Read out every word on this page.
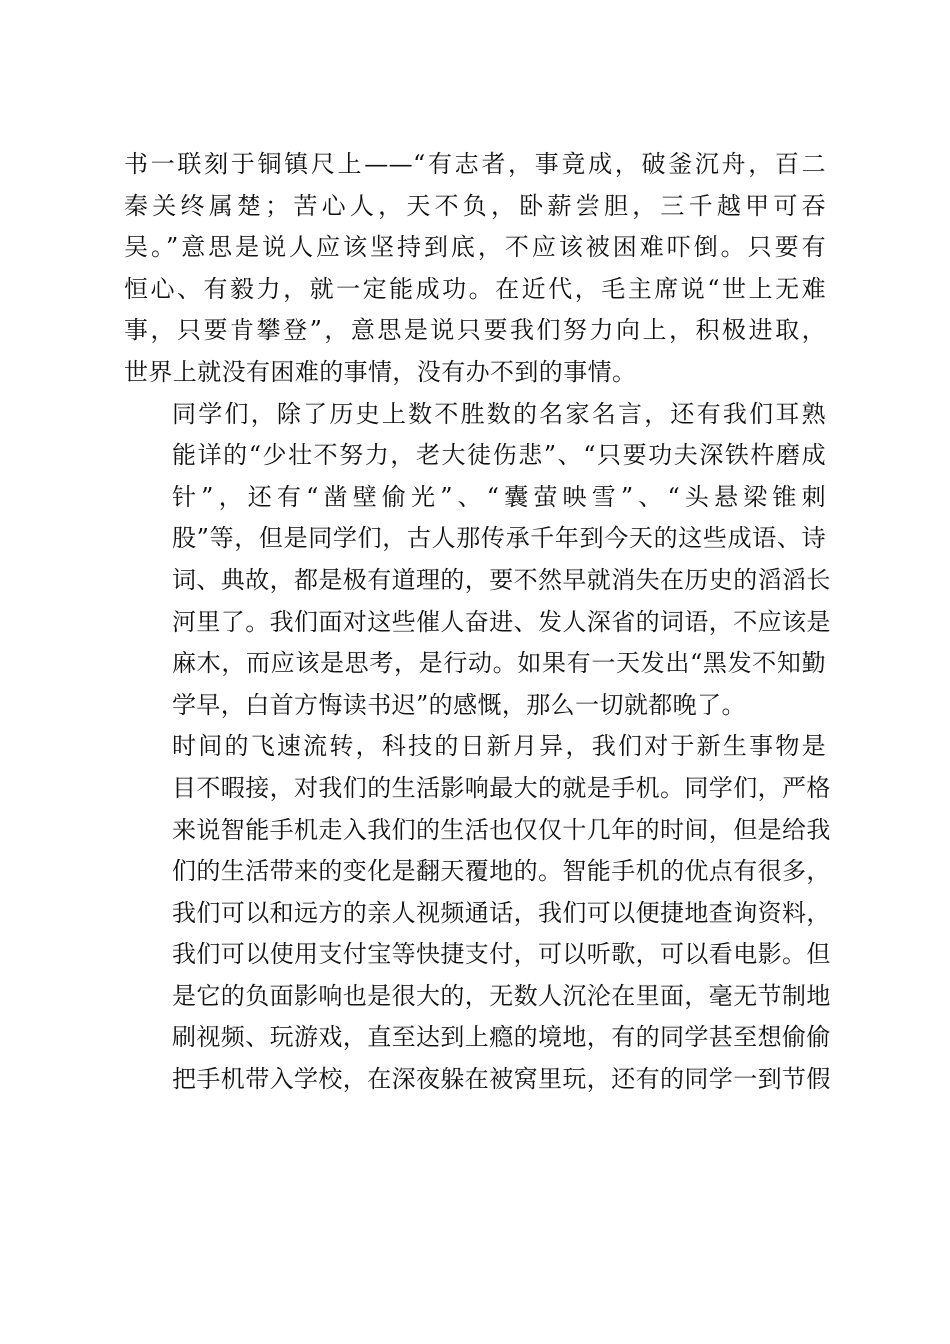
书一联刻于铜镇尺上——“有志者，事竟成，破釜沉舟，百二
秦关终属楚；苦心人，天不负，卧薪尝胆，三千越甲可吞
吴。”意思是说人应该坚持到底，不应该被困难吓倒。只要有
恒心、有毅力，就一定能成功。在近代，毛主席说“世上无难
事，只要肯攀登”，意思是说只要我们努力向上，积极进取，
世界上就没有困难的事情，没有办不到的事情。

同学们，除了历史上数不胜数的名家名言，还有我们耳熟
能详的“少壮不努力，老大徒伤悲”、“只要功夫深铁杵磨成
针”，还有“凿壁偷光”、“囊萤映雪”、“头悬梁锥刺
股”等，但是同学们，古人那传承千年到今天的这些成语、诗
词、典故，都是极有道理的，要不然早就消失在历史的滔滔长
河里了。我们面对这些催人奋进、发人深省的词语，不应该是
麻木，而应该是思考，是行动。如果有一天发出“黑发不知勤
学早，白首方悔读书迟”的感慨，那么一切就都晚了。

时间的飞速流转，科技的日新月异，我们对于新生事物是
目不暇接，对我们的生活影响最大的就是手机。同学们，严格
来说智能手机走入我们的生活也仅仅十几年的时间，但是给我
们的生活带来的变化是翻天覆地的。智能手机的优点有很多，
我们可以和远方的亲人视频通话，我们可以便捷地查询资料，
我们可以使用支付宝等快捷支付，可以听歌，可以看电影。但
是它的负面影响也是很大的，无数人沉沦在里面，毫无节制地
刷视频、玩游戏，直至达到上瘾的境地，有的同学甚至想偷偷
把手机带入学校，在深夜躲在被窝里玩，还有的同学一到节假
